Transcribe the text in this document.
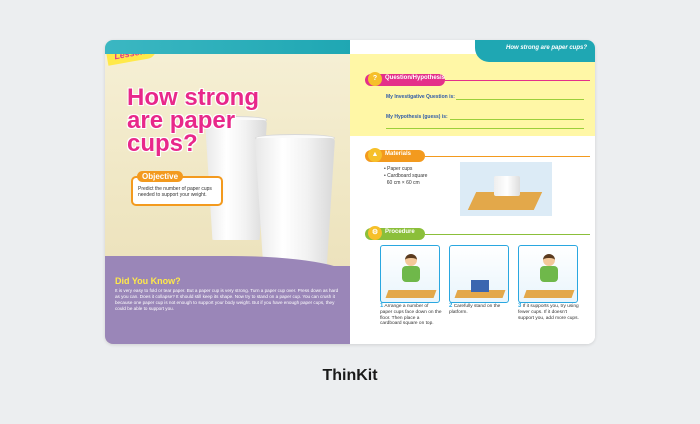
How strong are paper cups?
Objective
Predict the number of paper cups needed to support your weight.
Did You Know?
It is very easy to fold or tear paper. But a paper cup is very strong. Turn a paper cup over. Press down as hard as you can. Does it collapse? It should still keep its shape. Now try to stand on a paper cup. You can crush it because one paper cup is not enough to support your body weight. But if you have enough paper cups, they could be able to support you.
How strong are paper cups?
?	Question/Hypothesis
My Investigative Question is:
My Hypothesis (guess) is:
▲	Materials
• Paper cups
• Cardboard square
60 cm × 60 cm
⚙	Procedure
1 Arrange a number of paper cups face down on the floor. Then place a cardboard square on top.
2 Carefully stand on the platform.
3 If it supports you, try using fewer cups. If it doesn't support you, add more cups.
ThinKit
